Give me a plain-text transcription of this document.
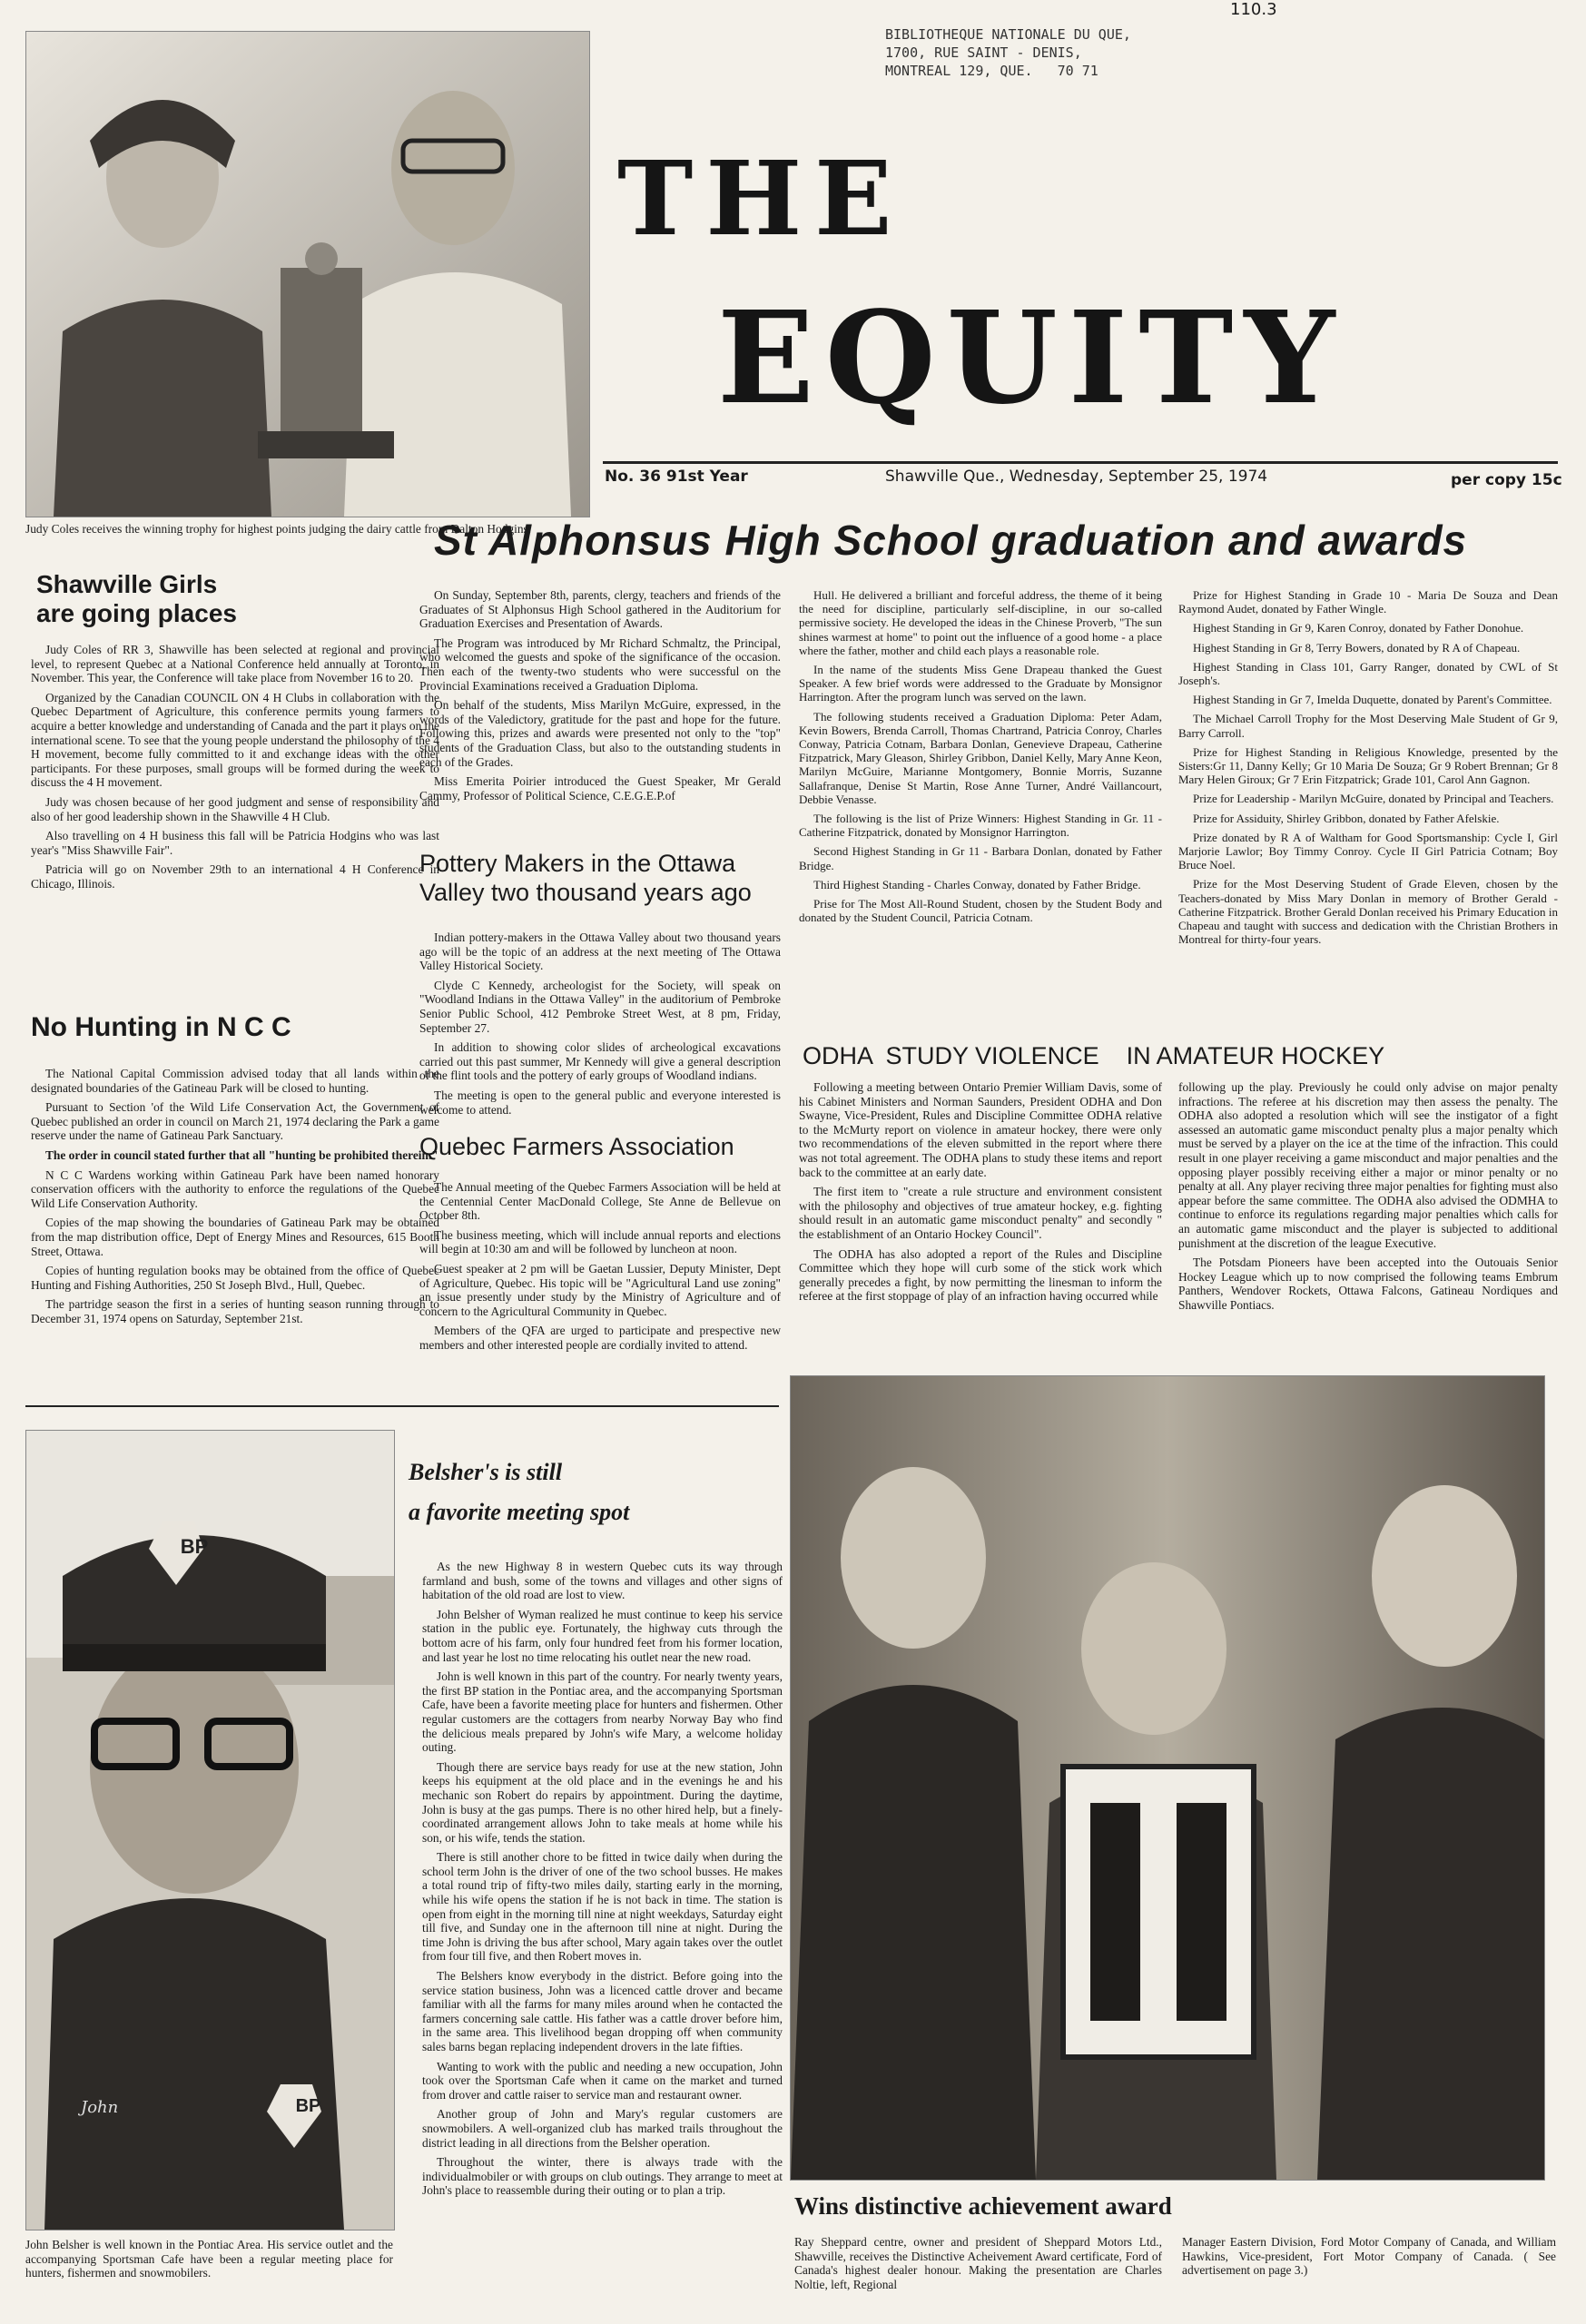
BIBLIOTHEQUE NATIONALE DU QUE,
1700, RUE SAINT - DENIS,
MONTREAL 129, QUE.   70 71
110.3

Judy Coles receives the winning trophy for highest points judging the dairy cattle from Dalton Hodgins.

THE
EQUITY
No. 36 91st Year	Shawville Que., Wednesday, September 25, 1974	per copy 15c
St Alphonsus High School graduation and awards
Shawville Girls
are going places

Judy Coles of RR 3, Shawville has been selected at regional and provincial level, to represent Quebec at a National Conference held annually at Toronto, in November. This year, the Conference will take place from November 16 to 20.

Organized by the Canadian COUNCIL ON 4 H Clubs in collaboration with the Quebec Department of Agriculture, this conference permits young farmers to acquire a better knowledge and understanding of Canada and the part it plays on the international scene. To see that the young people understand the philosophy of the 4 H movement, become fully committed to it and exchange ideas with the other participants. For these purposes, small groups will be formed during the week to discuss the 4 H movement.

Judy was chosen because of her good judgment and sense of responsibility and also of her good leadership shown in the Shawville 4 H Club.

Also travelling on 4 H business this fall will be Patricia Hodgins who was last year's "Miss Shawville Fair".

Patricia will go on November 29th to an international 4 H Conference in Chicago, Illinois.

No Hunting in N C C

The National Capital Commission advised today that all lands within the designated boundaries of the Gatineau Park will be closed to hunting.

Pursuant to Section 'of the Wild Life Conservation Act, the Government of Quebec published an order in council on March 21, 1974 declaring the Park a game reserve under the name of Gatineau Park Sanctuary.

The order in council stated further that all "hunting be prohibited therein."

N C C Wardens working within Gatineau Park have been named honorary conservation officers with the authority to enforce the regulations of the Quebec Wild Life Conservation Authority.

Copies of the map showing the boundaries of Gatineau Park may be obtained from the map distribution office, Dept of Energy Mines and Resources, 615 Booth Street, Ottawa.

Copies of hunting regulation books may be obtained from the office of Quebec Hunting and Fishing Authorities, 250 St Joseph Blvd., Hull, Quebec.

The partridge season the first in a series of hunting season running through to December 31, 1974 opens on Saturday, September 21st.

On Sunday, September 8th, parents, clergy, teachers and friends of the Graduates of St Alphonsus High School gathered in the Auditorium for Graduation Exercises and Presentation of Awards.

The Program was introduced by Mr Richard Schmaltz, the Principal, who welcomed the guests and spoke of the significance of the occasion. Then each of the twenty-two students who were successful on the Provincial Examinations received a Graduation Diploma.

On behalf of the students, Miss Marilyn McGuire, expressed, in the words of the Valedictory, gratitude for the past and hope for the future. Following this, prizes and awards were presented not only to the "top" students of the Graduation Class, but also to the outstanding students in each of the Grades.

Miss Emerita Poirier introduced the Guest Speaker, Mr Gerald Cammy, Professor of Political Science, C.E.G.E.P.of

Hull. He delivered a brilliant and forceful address, the theme of it being the need for discipline, particularly self-discipline, in our so-called permissive society. He developed the ideas in the Chinese Proverb, "The sun shines warmest at home" to point out the influence of a good home - a place where the father, mother and child each plays a reasonable role.

In the name of the students Miss Gene Drapeau thanked the Guest Speaker. A few brief words were addressed to the Graduate by Monsignor Harrington. After the program lunch was served on the lawn.

The following students received a Graduation Diploma: Peter Adam, Kevin Bowers, Brenda Carroll, Thomas Chartrand, Patricia Conroy, Charles Conway, Patricia Cotnam, Barbara Donlan, Genevieve Drapeau, Catherine Fitzpatrick, Mary Gleason, Shirley Gribbon, Daniel Kelly, Mary Anne Keon, Marilyn McGuire, Marianne Montgomery, Bonnie Morris, Suzanne Sallafranque, Denise St Martin, Rose Anne Turner, André Vaillancourt, Debbie Venasse.

The following is the list of Prize Winners: Highest Standing in Gr. 11 - Catherine Fitzpatrick, donated by Monsignor Harrington.

Second Highest Standing in Gr 11 - Barbara Donlan, donated by Father Bridge.

Third Highest Standing - Charles Conway, donated by Father Bridge.

Prise for The Most All-Round Student, chosen by the Student Body and donated by the Student Council, Patricia Cotnam.

Prize for Highest Standing in Grade 10 - Maria De Souza and Dean Raymond Audet, donated by Father Wingle.

Highest Standing in Gr 9, Karen Conroy, donated by Father Donohue.

Highest Standing in Gr 8, Terry Bowers, donated by R A of Chapeau.

Highest Standing in Class 101, Garry Ranger, donated by CWL of St Joseph's.

Highest Standing in Gr 7, Imelda Duquette, donated by Parent's Committee.

The Michael Carroll Trophy for the Most Deserving Male Student of Gr 9, Barry Carroll.

Prize for Highest Standing in Religious Knowledge, presented by the Sisters:Gr 11, Danny Kelly; Gr 10 Maria De Souza; Gr 9 Robert Brennan; Gr 8 Mary Helen Giroux; Gr 7 Erin Fitzpatrick; Grade 101, Carol Ann Gagnon.

Prize for Leadership - Marilyn McGuire, donated by Principal and Teachers.

Prize for Assiduity, Shirley Gribbon, donated by Father Afelskie.

Prize donated by R A of Waltham for Good Sportsmanship: Cycle I, Girl Marjorie Lawlor; Boy Timmy Conroy. Cycle II Girl Patricia Cotnam; Boy Bruce Noel.

Prize for the Most Deserving Student of Grade Eleven, chosen by the Teachers-donated by Miss Mary Donlan in memory of Brother Gerald - Catherine Fitzpatrick. Brother Gerald Donlan received his Primary Education in Chapeau and taught with success and dedication with the Christian Brothers in Montreal for thirty-four years.

Pottery Makers in the Ottawa
Valley two thousand years ago

Indian pottery-makers in the Ottawa Valley about two thousand years ago will be the topic of an address at the next meeting of The Ottawa Valley Historical Society.

Clyde C Kennedy, archeologist for the Society, will speak on "Woodland Indians in the Ottawa Valley" in the auditorium of Pembroke Senior Public School, 412 Pembroke Street West, at 8 pm, Friday, September 27.

In addition to showing color slides of archeological excavations carried out this past summer, Mr Kennedy will give a general description of the flint tools and the pottery of early groups of Woodland indians.

The meeting is open to the general public and everyone interested is welcome to attend.

Quebec Farmers Association

The Annual meeting of the Quebec Farmers Association will be held at the Centennial Center MacDonald College, Ste Anne de Bellevue on October 8th.

The business meeting, which will include annual reports and elections will begin at 10:30 am and will be followed by luncheon at noon.

Guest speaker at 2 pm will be Gaetan Lussier, Deputy Minister, Dept of Agriculture, Quebec. His topic will be "Agricultural Land use zoning" an issue presently under study by the Ministry of Agriculture and of concern to the Agricultural Community in Quebec.

Members of the QFA are urged to participate and prespective new members and other interested people are cordially invited to attend.

ODHA  STUDY VIOLENCE    IN AMATEUR HOCKEY

Following a meeting between Ontario Premier William Davis, some of his Cabinet Ministers and Norman Saunders, President ODHA and Don Swayne, Vice-President, Rules and Discipline Committee ODHA relative to the McMurty report on violence in amateur hockey, there were only two recommendations of the eleven submitted in the report where there was not total agreement. The ODHA plans to study these items and report back to the committee at an early date.

The first item to "create a rule structure and environment consistent with the philosophy and objectives of true amateur hockey, e.g. fighting should result in an automatic game misconduct penalty" and secondly " the establishment of an Ontario Hockey Council".

The ODHA has also adopted a report of the Rules and Discipline Committee which they hope will curb some of the stick work which generally precedes a fight, by now permitting the linesman to inform the referee at the first stoppage of play of an infraction having occurred while

following up the play. Previously he could only advise on major penalty infractions. The referee at his discretion may then assess the penalty. The ODHA also adopted a resolution which will see the instigator of a fight assessed an automatic game misconduct penalty plus a major penalty which must be served by a player on the ice at the time of the infraction. This could result in one player receiving a game misconduct and major penalties and the opposing player possibly receiving either a major or minor penalty or no penalty at all. Any player reciving three major penalties for fighting must also appear before the same committee. The ODHA also advised the ODMHA to continue to enforce its regulations regarding major penalties which calls for an automatic game misconduct and the player is subjected to additional punishment at the discretion of the league Executive.

The Potsdam Pioneers have been accepted into the Outouais Senior Hockey League which up to now comprised the following teams Embrum Panthers, Wendover Rockets, Ottawa Falcons, Gatineau Nordiques and Shawville Pontiacs.

BP
BP
John

John Belsher is well known in the Pontiac Area. His service outlet and the accompanying Sportsman Cafe have been a regular meeting place for hunters, fishermen and snowmobilers.

Belsher's is still
a favorite meeting spot

As the new Highway 8 in western Quebec cuts its way through farmland and bush, some of the towns and villages and other signs of habitation of the old road are lost to view.

John Belsher of Wyman realized he must continue to keep his service station in the public eye. Fortunately, the highway cuts through the bottom acre of his farm, only four hundred feet from his former location, and last year he lost no time relocating his outlet near the new road.

John is well known in this part of the country. For nearly twenty years, the first BP station in the Pontiac area, and the accompanying Sportsman Cafe, have been a favorite meeting place for hunters and fishermen. Other regular customers are the cottagers from nearby Norway Bay who find the delicious meals prepared by John's wife Mary, a welcome holiday outing.

Though there are service bays ready for use at the new station, John keeps his equipment at the old place and in the evenings he and his mechanic son Robert do repairs by appointment. During the daytime, John is busy at the gas pumps. There is no other hired help, but a finely-coordinated arrangement allows John to take meals at home while his son, or his wife, tends the station.

There is still another chore to be fitted in twice daily when during the school term John is the driver of one of the two school busses. He makes a total round trip of fifty-two miles daily, starting early in the morning, while his wife opens the station if he is not back in time. The station is open from eight in the morning till nine at night weekdays, Saturday eight till five, and Sunday one in the afternoon till nine at night. During the time John is driving the bus after school, Mary again takes over the outlet from four till five, and then Robert moves in.

The Belshers know everybody in the district. Before going into the service station business, John was a licenced cattle drover and became familiar with all the farms for many miles around when he contacted the farmers concerning sale cattle. His father was a cattle drover before him, in the same area. This livelihood began dropping off when community sales barns began replacing independent drovers in the late fifties.

Wanting to work with the public and needing a new occupation, John took over the Sportsman Cafe when it came on the market and turned from drover and cattle raiser to service man and restaurant owner.

Another group of John and Mary's regular customers are snowmobilers. A well-organized club has marked trails throughout the district leading in all directions from the Belsher operation.

Throughout the winter, there is always trade with the individualmobiler or with groups on club outings. They arrange to meet at John's place to reassemble during their outing or to plan a trip.

Wins distinctive achievement award

Ray Sheppard centre, owner and president of Sheppard Motors Ltd., Shawville, receives the Distinctive Acheivement Award certificate, Ford of Canada's highest dealer honour. Making the presentation are Charles Noltie, left, Regional

Manager Eastern Division, Ford Motor Company of Canada, and William Hawkins, Vice-president, Fort Motor Company of Canada. ( See advertisement on page 3.)
